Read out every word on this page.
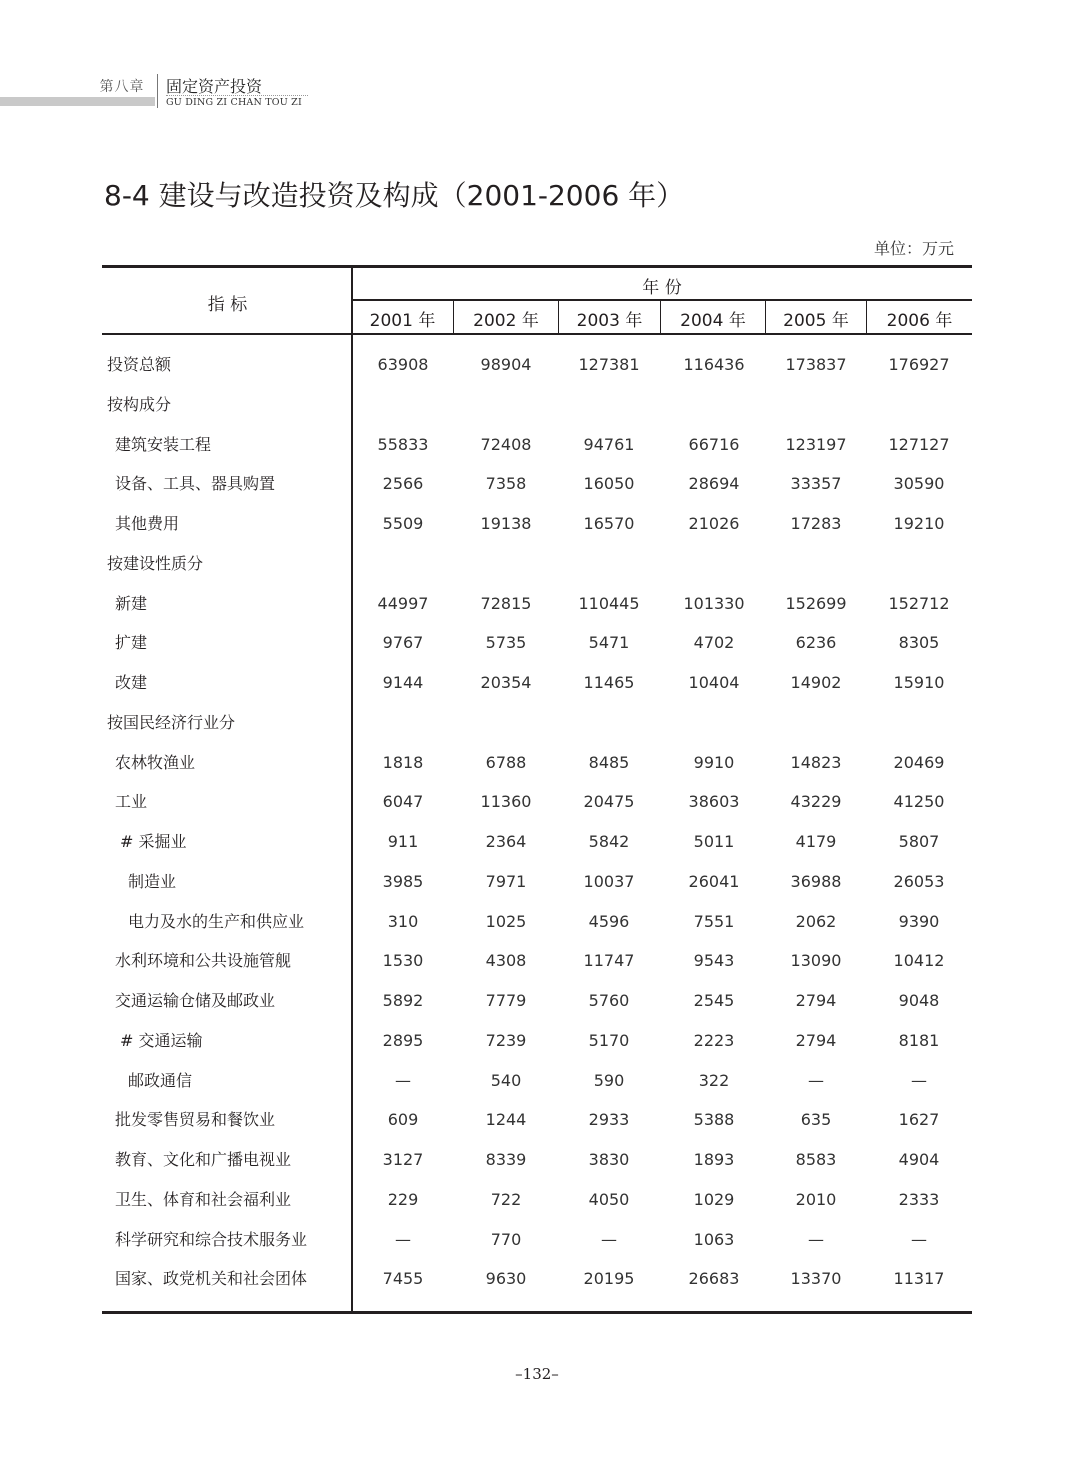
第八章	固定资产投资
GU DING ZI CHAN TOU ZI
8-4 建设与改造投资及构成（2001-2006 年）
单位：万元
指 标
年 份
2001 年	2002 年	2003 年	2004 年	2005 年	2006 年
投资总额	63908	98904	127381	116436	173837	176927
按构成分
建筑安装工程	55833	72408	94761	66716	123197	127127
设备、工具、器具购置	2566	7358	16050	28694	33357	30590
其他费用	5509	19138	16570	21026	17283	19210
按建设性质分
新建	44997	72815	110445	101330	152699	152712
扩建	9767	5735	5471	4702	6236	8305
改建	9144	20354	11465	10404	14902	15910
按国民经济行业分
农林牧渔业	1818	6788	8485	9910	14823	20469
工业	6047	11360	20475	38603	43229	41250
# 采掘业	911	2364	5842	5011	4179	5807
制造业	3985	7971	10037	26041	36988	26053
电力及水的生产和供应业	310	1025	4596	7551	2062	9390
水利环境和公共设施管舰	1530	4308	11747	9543	13090	10412
交通运输仓储及邮政业	5892	7779	5760	2545	2794	9048
# 交通运输	2895	7239	5170	2223	2794	8181
邮政通信	—	540	590	322	—	—
批发零售贸易和餐饮业	609	1244	2933	5388	635	1627
教育、文化和广播电视业	3127	8339	3830	1893	8583	4904
卫生、体育和社会福利业	229	722	4050	1029	2010	2333
科学研究和综合技术服务业	—	770	—	1063	—	—
国家、政党机关和社会团体	7455	9630	20195	26683	13370	11317
–132–
